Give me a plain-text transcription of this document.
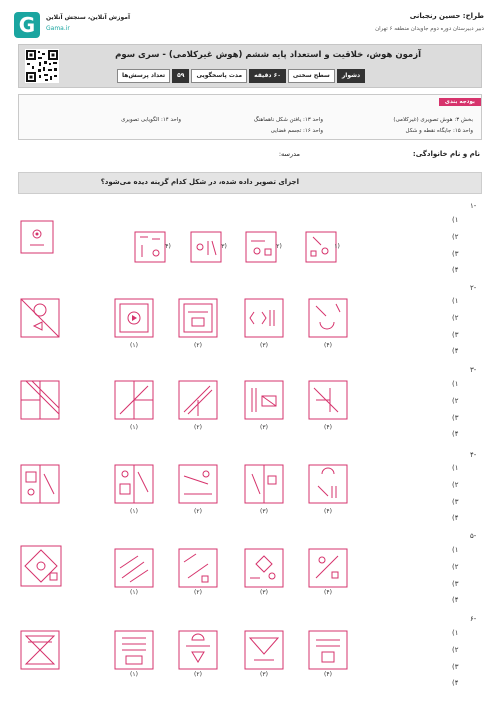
طراح: حسین رنجبانی
دبیر دبیرستان دوره دوم جاویدان منطقه ۶ تهران
G	آموزش آنلاین، سنجش آنلاین
Gama.ir
آزمون هوش، خلاقیت و استعداد پایه ششم (هوش غیرکلامی) - سری سوم
دشوار
سطح سختی
۶۰ دقیقه
مدت پاسخگویی
۵۹
تعداد پرسش‌ها
بودجه بندی
بخش ۳: هوش تصویری (غیرکلامی)
واحد ۱۳: یافتن شکل ناهماهنگ
واحد ۱۴: الگویابی تصویری
واحد ۱۵: جایگاه نقطه و شکل
واحد ۱۶: تجسم فضایی
نام و نام خانوادگی:
مدرسه:
اجزای تصویر داده شده، در شکل کدام گزینه دیده می‌شود؟
-۱
۱)
۲)
۳)
۴)
(۱
(۲
(۳
(۴
-۲
۱)
۲)
۳)
۴)
(۴)
(۳)
(۲)
(۱)
-۳
۱)
۲)
۳)
۴)
(۴)
(۳)
(۲)
(۱)
-۴
۱)
۲)
۳)
۴)
(۴)
(۳)
(۲)
(۱)
-۵
۱)
۲)
۳)
۴)
(۴)
(۳)
(۲)
(۱)
-۶
۱)
۲)
۳)
۴)
(۴)
(۳)
(۲)
(۱)
